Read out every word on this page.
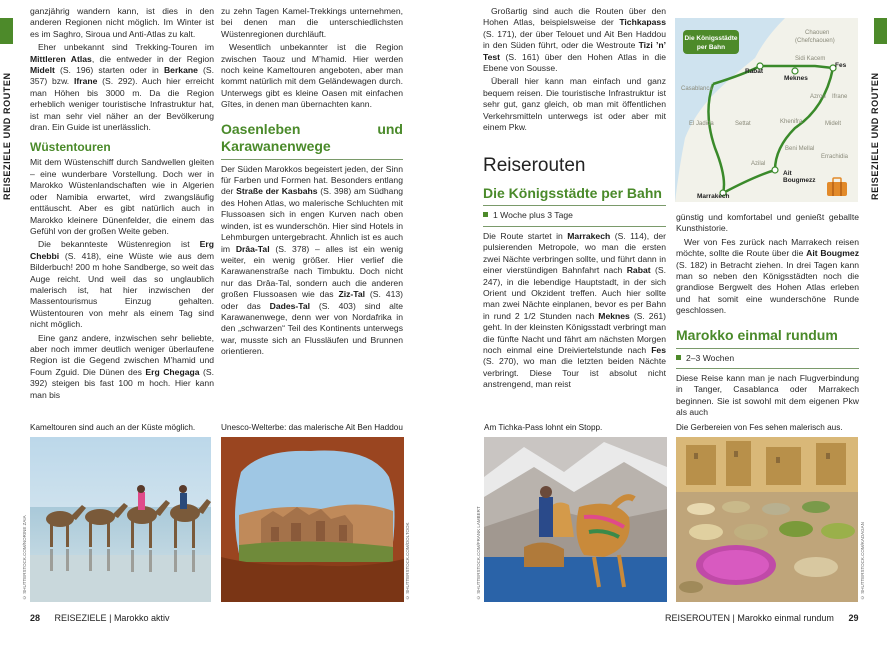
REISEZIELE UND ROUTEN

ganzjährig wandern kann, ist dies in den anderen Regionen nicht möglich. Im Winter ist es im Saghro, Siroua und Anti-Atlas zu kalt.

Eher unbekannt sind Trekking-Touren im Mittleren Atlas, die entweder in der Region Midelt (S. 196) starten oder in Berkane (S. 357) bzw. Ifrane (S. 292). Auch hier erreicht man Höhen bis 3000 m. Da die Region erheblich weniger touristische Infrastruktur hat, ist man sehr viel näher an der Bevölkerung dran. Ein Guide ist unerlässlich.

Wüstentouren

Mit dem Wüstenschiff durch Sandwellen gleiten – eine wunderbare Vorstellung. Doch wer in Marokko Wüstenlandschaften wie in Algerien oder Namibia erwartet, wird zwangsläufig enttäuscht. Aber es gibt natürlich auch in Marokko kleinere Dünenfelder, die einem das Gefühl von der großen Weite geben.

Die bekannteste Wüstenregion ist Erg Chebbi (S. 418), eine Wüste wie aus dem Bilderbuch! 200 m hohe Sandberge, so weit das Auge reicht. Und weil das so unglaublich malerisch ist, hat hier inzwischen der Massentourismus Einzug gehalten. Wüstentouren von mehr als einem Tag sind nicht möglich.

Eine ganz andere, inzwischen sehr beliebte, aber noch immer deutlich weniger überlaufene Region ist die Gegend zwischen M’hamid und Foum Zguid. Die Dünen des Erg Chegaga (S. 392) steigen bis fast 100 m hoch. Hier kann man bis

zu zehn Tagen Kamel-Trekkings unternehmen, bei denen man die unterschiedlichsten Wüstenregionen durchläuft.

Wesentlich unbekannter ist die Region zwischen Taouz und M’hamid. Hier werden noch keine Kameltouren angeboten, aber man kommt natürlich mit dem Geländewagen durch. Unterwegs gibt es kleine Oasen mit einfachen Gîtes, in denen man übernachten kann.

Oasenleben und Karawanenwege

Der Süden Marokkos begeistert jeden, der Sinn für Farben und Formen hat. Besonders entlang der Straße der Kasbahs (S. 398) am Südhang des Hohen Atlas, wo malerische Schluchten mit Flussoasen sich in engen Kurven nach oben winden, ist es wunderschön. Hier sind Hotels in Lehmburgen untergebracht. Ähnlich ist es auch im Drâa-Tal (S. 378) – alles ist ein wenig weiter, ein wenig größer. Hier verlief die Karawanenstraße nach Timbuktu. Doch nicht nur das Drâa-Tal, sondern auch die anderen großen Flussoasen wie das Ziz-Tal (S. 413) oder das Dades-Tal (S. 403) sind alte Karawanenwege, denn wer von Nordafrika in den „schwarzen“ Teil des Kontinents unterwegs war, musste sich an Flussläufen und Brunnen orientieren.

Kameltouren sind auch an der Küste möglich.	Unesco-Welterbe: das malerische Ait Ben Haddou
© SHUTTERSTOCK.COM/NORINE ZAIA	© SHUTTERSTOCK.COM/DOLTOOK
28 REISEZIELE | Marokko aktiv
REISEZIELE UND ROUTEN

Großartig sind auch die Routen über den Hohen Atlas, beispielsweise der Tichkapass (S. 171), der über Telouet und Ait Ben Haddou in den Süden führt, oder die Westroute Tizi ’n’ Test (S. 161) über den Hohen Atlas in die Ebene von Sousse.

Überall hier kann man einfach und ganz bequem reisen. Die touristische Infrastruktur ist sehr gut, ganz gleich, ob man mit öffentlichen Verkehrsmitteln unterwegs ist oder aber mit einem Pkw.

Reiserouten
Die Königsstädte per Bahn
1 Woche plus 3 Tage

Die Route startet in Marrakech (S. 114), der pulsierenden Metropole, wo man die ersten zwei Nächte verbringen sollte, und führt dann in einer vierstündigen Bahnfahrt nach Rabat (S. 247), in die lebendige Hauptstadt, in der sich Orient und Okzident treffen. Auch hier sollte man zwei Nächte einplanen, bevor es per Bahn in rund 2 1/2 Stunden nach Meknes (S. 261) geht. In der kleinsten Königsstadt verbringt man die fünfte Nacht und fährt am nächsten Morgen noch einmal eine Dreiviertelstunde nach Fes (S. 270), wo man die letzten beiden Nächte verbringt. Diese Tour ist absolut nicht anstrengend, man reist

Chaouen
(Chefchaouen)
Sidi Kacem
Casablanca
Azrou Ifrane
El Jadida	Settat	Khenifra	Midelt
Beni Mellal
Errachidia
Azilal
Rabat
Fes
Meknes
Ait
Bougmezz
Marrakech
Die Königsstädte
per Bahn

günstig und komfortabel und genießt geballte Kunsthistorie.

Wer von Fes zurück nach Marrakech reisen möchte, sollte die Route über die Ait Bougmez (S. 182) in Betracht ziehen. In drei Tagen kann man so neben den Königsstädten noch die grandiose Bergwelt des Hohen Atlas erleben und hat somit eine wunderschöne Runde geschlossen.

Marokko einmal rundum
2–3 Wochen

Diese Reise kann man je nach Flugverbindung in Tanger, Casablanca oder Marrakech beginnen. Sie ist sowohl mit dem eigenen Pkw als auch

Am Tichka-Pass lohnt ein Stopp.	Die Gerbereien von Fes sehen malerisch aus.
© SHUTTERSTOCK.COM/FRANK LAMBERT	© SHUTTERSTOCK.COM/KADAGAN
REISEROUTEN | Marokko einmal rundum 29
